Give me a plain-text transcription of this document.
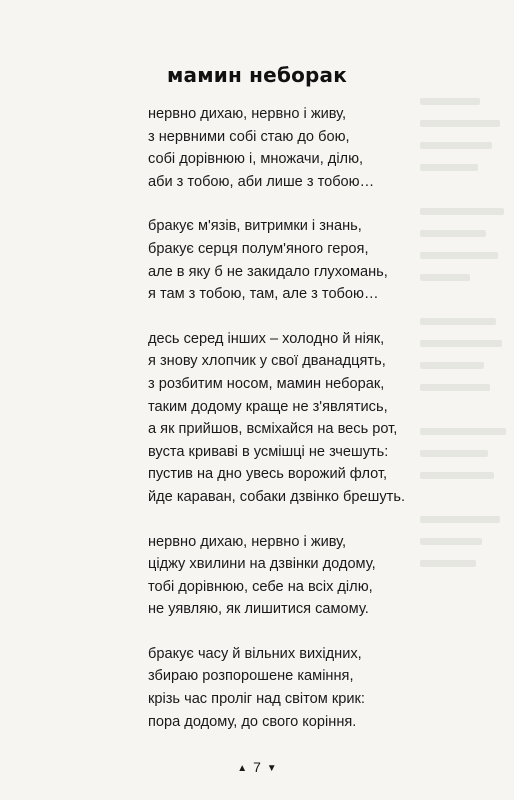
мамин неборак
нервно дихаю, нервно і живу,
з нервними собі стаю до бою,
собі дорівнюю і, множачи, ділю,
аби з тобою, аби лише з тобою…
бракує м'язів, витримки і знань,
бракує серця полум'яного героя,
але в яку б не закидало глухомань,
я там з тобою, там, але з тобою…
десь серед інших – холодно й ніяк,
я знову хлопчик у свої дванадцять,
з розбитим носом, мамин неборак,
таким додому краще не з'являтись,
а як прийшов, всміхайся на весь рот,
вуста криваві в усмішці не зчешуть:
пустив на дно увесь ворожий флот,
йде караван, собаки дзвінко брешуть.
нервно дихаю, нервно і живу,
ціджу хвилини на дзвінки додому,
тобі дорівнюю, себе на всіх ділю,
не уявляю, як лишитися самому.
бракує часу й вільних вихідних,
збираю розпорошене каміння,
крізь час проліг над світом крик:
пора додому, до свого коріння.
▲ 7 ▼
